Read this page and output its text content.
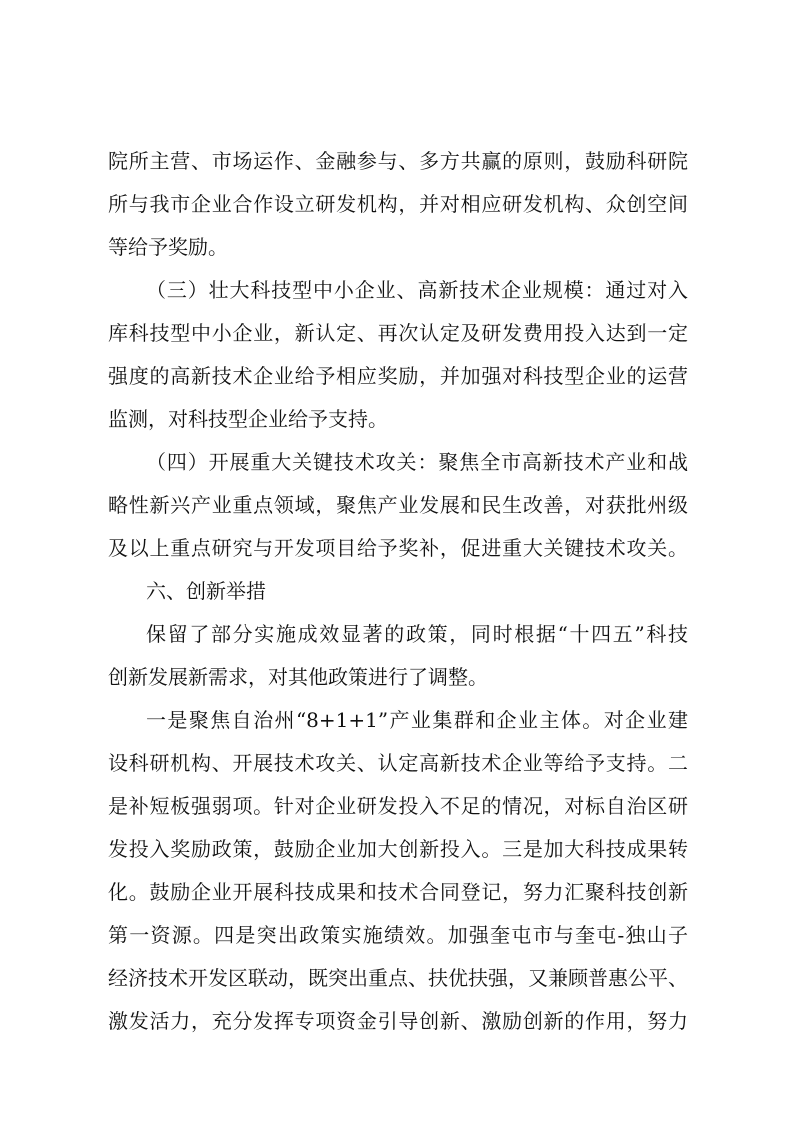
院所主营、市场运作、金融参与、多方共赢的原则，鼓励科研院
所与我市企业合作设立研发机构，并对相应研发机构、众创空间
等给予奖励。
（三）壮大科技型中小企业、高新技术企业规模：通过对入
库科技型中小企业，新认定、再次认定及研发费用投入达到一定
强度的高新技术企业给予相应奖励，并加强对科技型企业的运营
监测，对科技型企业给予支持。
（四）开展重大关键技术攻关：聚焦全市高新技术产业和战
略性新兴产业重点领域，聚焦产业发展和民生改善，对获批州级
及以上重点研究与开发项目给予奖补，促进重大关键技术攻关。
六、创新举措
保留了部分实施成效显著的政策，同时根据“十四五”科技
创新发展新需求，对其他政策进行了调整。
一是聚焦自治州“8+1+1”产业集群和企业主体。对企业建
设科研机构、开展技术攻关、认定高新技术企业等给予支持。二
是补短板强弱项。针对企业研发投入不足的情况，对标自治区研
发投入奖励政策，鼓励企业加大创新投入。三是加大科技成果转
化。鼓励企业开展科技成果和技术合同登记，努力汇聚科技创新
第一资源。四是突出政策实施绩效。加强奎屯市与奎屯-独山子
经济技术开发区联动，既突出重点、扶优扶强，又兼顾普惠公平、
激发活力，充分发挥专项资金引导创新、激励创新的作用，努力
